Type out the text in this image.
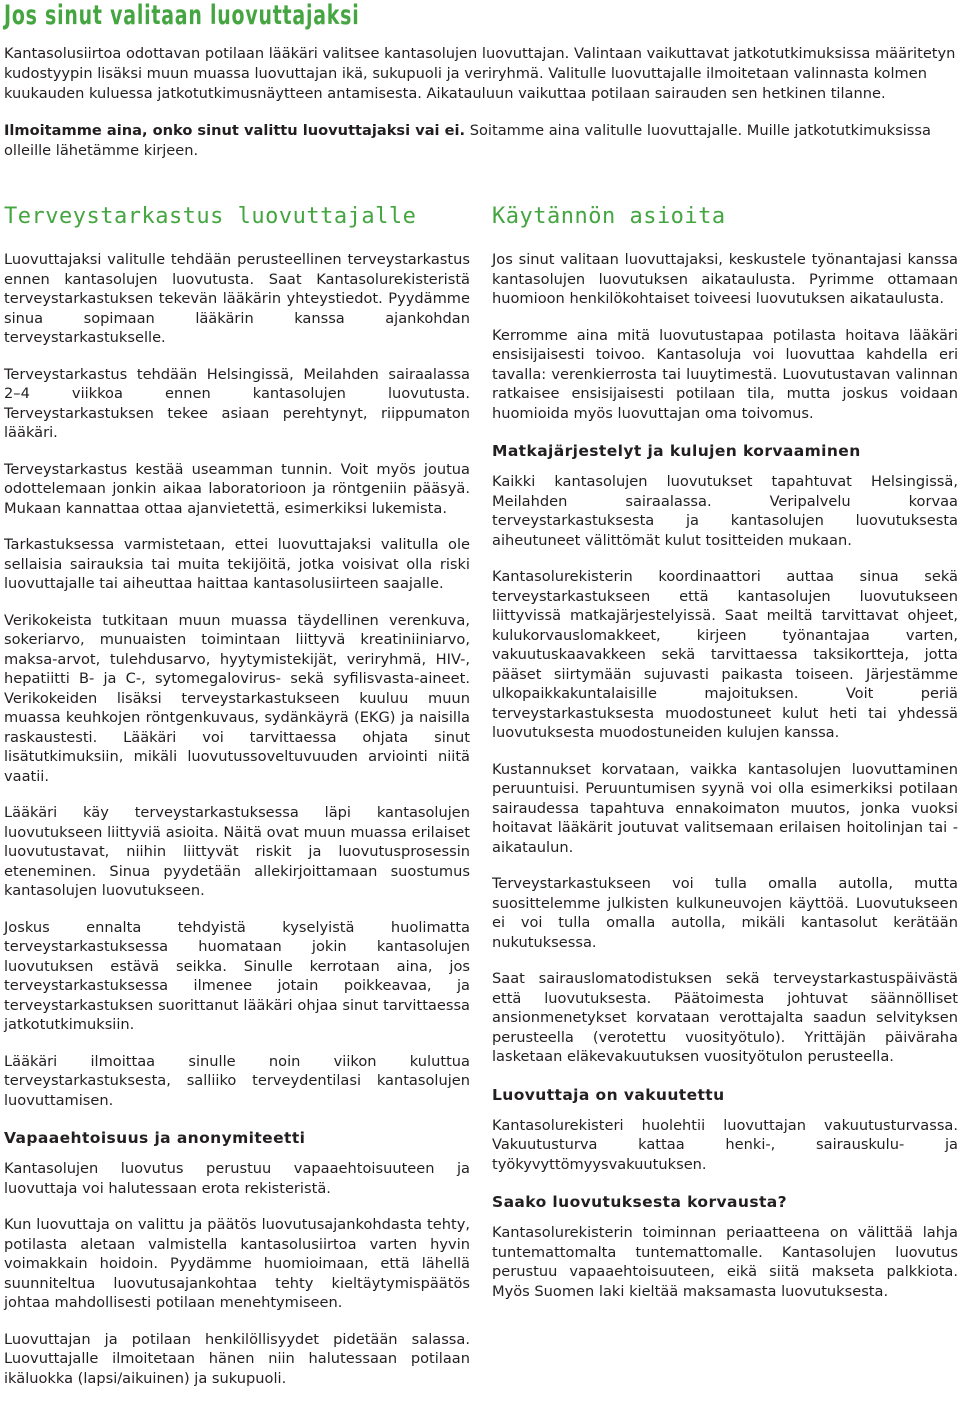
Jos sinut valitaan luovuttajaksi

Kantasolusiirtoa odottavan potilaan lääkäri valitsee kantasolujen luovuttajan. Valintaan vaikuttavat jatkotutkimuksissa määritetyn kudostyypin lisäksi muun muassa luovuttajan ikä, sukupuoli ja veriryhmä. Valitulle luovuttajalle ilmoitetaan valinnasta kolmen kuukauden kuluessa jatkotutkimusnäytteen antamisesta. Aikatauluun vaikuttaa potilaan sairauden sen hetkinen tilanne.

Ilmoitamme aina, onko sinut valittu luovuttajaksi vai ei. Soitamme aina valitulle luovuttajalle. Muille jatkotutkimuksissa olleille lähetämme kirjeen.

Terveystarkastus luovuttajalle

Luovuttajaksi valitulle tehdään perusteellinen terveystarkastus ennen kantasolujen luovutusta. Saat Kantasolurekisteristä terveystarkastuksen tekevän lääkärin yhteystiedot. Pyydämme sinua sopimaan lääkärin kanssa ajankohdan terveystarkastukselle.

Terveystarkastus tehdään Helsingissä, Meilahden sairaalassa 2–4 viikkoa ennen kantasolujen luovutusta. Terveystarkastuksen tekee asiaan perehtynyt, riippumaton lääkäri.

Terveystarkastus kestää useamman tunnin. Voit myös joutua odottelemaan jonkin aikaa laboratorioon ja röntgeniin pääsyä. Mukaan kannattaa ottaa ajanvietettä, esimerkiksi lukemista.

Tarkastuksessa varmistetaan, ettei luovuttajaksi valitulla ole sellaisia sairauksia tai muita tekijöitä, jotka voisivat olla riski luovuttajalle tai aiheuttaa haittaa kantasolusiirteen saajalle.

Verikokeista tutkitaan muun muassa täydellinen verenkuva, sokeriarvo, munuaisten toimintaan liittyvä kreatiniiniarvo, maksa-arvot, tulehdusarvo, hyytymistekijät, veriryhmä, HIV-, hepatiitti B- ja C-, sytomegalovirus- sekä syfilisvasta-aineet. Verikokeiden lisäksi terveystarkastukseen kuuluu muun muassa keuhkojen röntgenkuvaus, sydänkäyrä (EKG) ja naisilla raskaustesti. Lääkäri voi tarvittaessa ohjata sinut lisätutkimuksiin, mikäli luovutussoveltuvuuden arviointi niitä vaatii.

Lääkäri käy terveystarkastuksessa läpi kantasolujen luovutukseen liittyviä asioita. Näitä ovat muun muassa erilaiset luovutustavat, niihin liittyvät riskit ja luovutusprosessin eteneminen. Sinua pyydetään allekirjoittamaan suostumus kantasolujen luovutukseen.

Joskus ennalta tehdyistä kyselyistä huolimatta terveystarkastuksessa huomataan jokin kantasolujen luovutuksen estävä seikka. Sinulle kerrotaan aina, jos terveystarkastuksessa ilmenee jotain poikkeavaa, ja terveystarkastuksen suorittanut lääkäri ohjaa sinut tarvittaessa jatkotutkimuksiin.

Lääkäri ilmoittaa sinulle noin viikon kuluttua terveystarkastuksesta, salliiko terveydentilasi kantasolujen luovuttamisen.

Vapaaehtoisuus ja anonymiteetti

Kantasolujen luovutus perustuu vapaaehtoisuuteen ja luovuttaja voi halutessaan erota rekisteristä.

Kun luovuttaja on valittu ja päätös luovutusajankohdasta tehty, potilasta aletaan valmistella kantasolusiirtoa varten hyvin voimakkain hoidoin. Pyydämme huomioimaan, että lähellä suunniteltua luovutusajankohtaa tehty kieltäytymispäätös johtaa mahdollisesti potilaan menehtymiseen.

Luovuttajan ja potilaan henkilöllisyydet pidetään salassa. Luovuttajalle ilmoitetaan hänen niin halutessaan potilaan ikäluokka (lapsi/aikuinen) ja sukupuoli.

Käytännön asioita

Jos sinut valitaan luovuttajaksi, keskustele työnantajasi kanssa kantasolujen luovutuksen aikataulusta. Pyrimme ottamaan huomioon henkilökohtaiset toiveesi luovutuksen aikataulusta.

Kerromme aina mitä luovutustapaa potilasta hoitava lääkäri ensisijaisesti toivoo. Kantasoluja voi luovuttaa kahdella eri tavalla: verenkierrosta tai luuytimestä. Luovutustavan valinnan ratkaisee ensisijaisesti potilaan tila, mutta joskus voidaan huomioida myös luovuttajan oma toivomus.

Matkajärjestelyt ja kulujen korvaaminen

Kaikki kantasolujen luovutukset tapahtuvat Helsingissä, Meilahden sairaalassa. Veripalvelu korvaa terveystarkastuksesta ja kantasolujen luovutuksesta aiheutuneet välittömät kulut tositteiden mukaan.

Kantasolurekisterin koordinaattori auttaa sinua sekä terveystarkastukseen että kantasolujen luovutukseen liittyvissä matkajärjestelyissä. Saat meiltä tarvittavat ohjeet, kulukorvauslomakkeet, kirjeen työnantajaa varten, vakuutuskaavakkeen sekä tarvittaessa taksikortteja, jotta pääset siirtymään sujuvasti paikasta toiseen. Järjestämme ulkopaikkakuntalaisille majoituksen. Voit periä terveystarkastuksesta muodostuneet kulut heti tai yhdessä luovutuksesta muodostuneiden kulujen kanssa.

Kustannukset korvataan, vaikka kantasolujen luovuttaminen peruuntuisi. Peruuntumisen syynä voi olla esimerkiksi potilaan sairaudessa tapahtuva ennakoimaton muutos, jonka vuoksi hoitavat lääkärit joutuvat valitsemaan erilaisen hoitolinjan tai -aikataulun.

Terveystarkastukseen voi tulla omalla autolla, mutta suosittelemme julkisten kulkuneuvojen käyttöä. Luovutukseen ei voi tulla omalla autolla, mikäli kantasolut kerätään nukutuksessa.

Saat sairauslomatodistuksen sekä terveystarkastuspäivästä että luovutuksesta. Päätoimesta johtuvat säännölliset ansionmenetykset korvataan verottajalta saadun selvityksen perusteella (verotettu vuosityötulo). Yrittäjän päiväraha lasketaan eläkevakuutuksen vuosityötulon perusteella.

Luovuttaja on vakuutettu

Kantasolurekisteri huolehtii luovuttajan vakuutusturvassa. Vakuutusturva kattaa henki-, sairauskulu- ja työkyvyttömyysvakuutuksen.

Saako luovutuksesta korvausta?

Kantasolurekisterin toiminnan periaatteena on välittää lahja tuntemattomalta tuntemattomalle. Kantasolujen luovutus perustuu vapaaehtoisuuteen, eikä siitä makseta palkkiota. Myös Suomen laki kieltää maksamasta luovutuksesta.
